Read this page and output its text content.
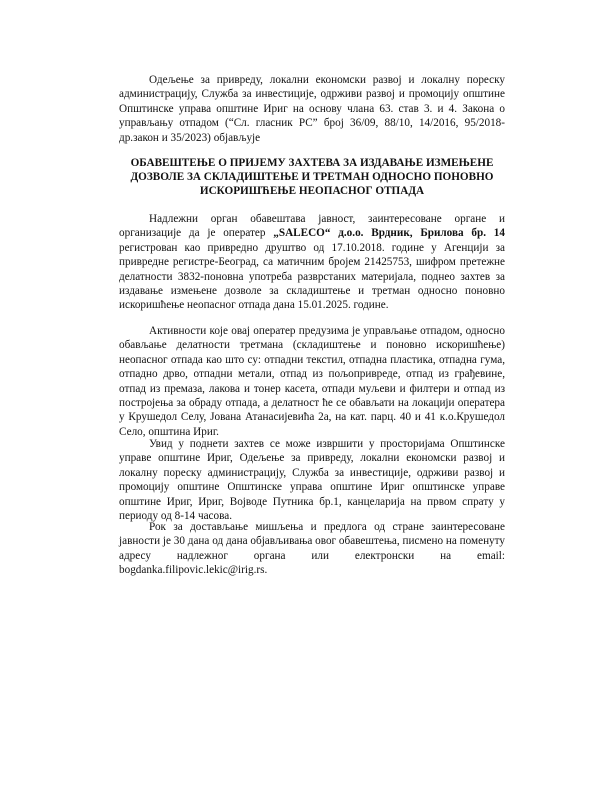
Одељење за привреду, локални економски развој и локалну пореску администрацију, Служба за инвестиције, одрживи развој и промоцију општине Општинске управа општине Ириг на основу члана 63. став 3. и 4. Закона о управљању отпадом (“Сл. гласник РС” број 36/09, 88/10, 14/2016, 95/2018-др.закон и 35/2023) објављује

ОБАВЕШТЕЊЕ О ПРИЈЕМУ ЗАХТЕВА ЗА ИЗДАВАЊЕ ИЗМЕЊЕНЕ ДОЗВОЛЕ ЗА СКЛАДИШТЕЊЕ И ТРЕТМАН ОДНОСНО ПОНОВНО ИСКОРИШЋЕЊЕ НЕОПАСНОГ ОТПАДА

Надлежни орган обавештава јавност, заинтересоване органе и организације да је оператер „SALECO“ д.о.о. Врдник, Брилова бр. 14 регистрован као привредно друштво од 17.10.2018. године у Агенцији за привредне регистре-Београд, са матичним бројем 21425753, шифром претежне делатности 3832-поновна употреба разврстаних материјала, поднео захтев за издавање измењене дозволе за складиштење и третман односно поновно искоришћење неопасног отпада дана 15.01.2025. године.

Активности које овај оператер предузима је управљање отпадом, односно обављање делатности третмана (складиштење и поновно искоришћење) неопасног отпада као што су: отпадни текстил, отпадна пластика, отпадна гума, отпадно дрво, отпадни метали, отпад из пољопривреде, отпад из грађевине, отпад из премаза, лакова и тонер касета, отпади муљеви и филтери и отпад из постројења за обраду отпада, а делатност ће се обављати на локацији оператера у Крушедол Селу, Јована Атанасијевића 2а, на кат. парц. 40 и 41 к.о.Крушедол Село, општина Ириг.

Увид у поднети захтев се може извршити у просторијама Општинске управе општине Ириг, Одељење за привреду, локални економски развој и локалну пореску администрацију, Служба за инвестиције, одрживи развој и промоцију општине Општинске управа општине Ириг општинске управе општине Ириг, Ириг, Војводе Путника бр.1, канцеларија на првом спрату у периоду од 8-14 часова.

Рок за достављање мишљења и предлога од стране заинтересоване јавности је 30 дана од дана објављивања овог обавештења, писмено на поменуту адресу надлежног органа или електронски на email: bogdanka.filipovic.lekic@irig.rs.
